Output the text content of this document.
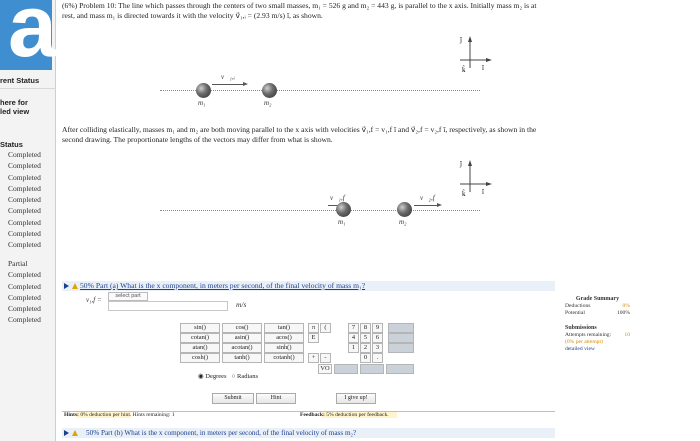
a
rent Status
here for
led view
Status
Completed
Completed
Completed
Completed
Completed
Completed
Completed
Completed
Completed
Partial
Completed
Completed
Completed
Completed
Completed
(6%) Problem 10: The line which passes through the centers of two small masses, m₁ = 526 g and m₂ = 443 g, is parallel to the x axis. Initially mass m₂ is at
rest, and mass m₁ is directed towards it with the velocity v⃗₁,ᵢ = (2.93 m/s) î, as shown.
ĵ
k̂ î
v⃗₁,ᵢ
m₁	m₂
After colliding elastically, masses m₁ and m₂ are both moving parallel to the x axis with velocities v⃗₁,f = v₁,f î and v⃗₂,f = v₂,f î, respectively, as shown in the
second drawing. The proportionate lengths of the vectors may differ from what is shown.
ĵ
k̂ î
v⃗₁,f	v⃗₂,f
m₁	m₂
50% Part (a) What is the x component, in meters per second, of the final velocity of mass m₁?
v₁,f =	select part
m/s
sin()	cos()	tan()
cotan()	asin()	acos()
atan()	acotan()	sinh()
cosh()	tanh()	cotanh()
π	(
E
7	8	9
4	5	6
1	2	3
+	-	0	.
VO
◉ Degrees ○ Radians
Submit	Hint	I give up!
Hints: 0% deduction per hint. Hints remaining: 1	Feedback: 5% deduction per feedback.
Grade Summary
Deductions	0%
Potential	100%
Submissions
Attempts remaining: 10
(0% per attempt)
detailed view
50% Part (b) What is the x component, in meters per second, of the final velocity of mass m₂?
